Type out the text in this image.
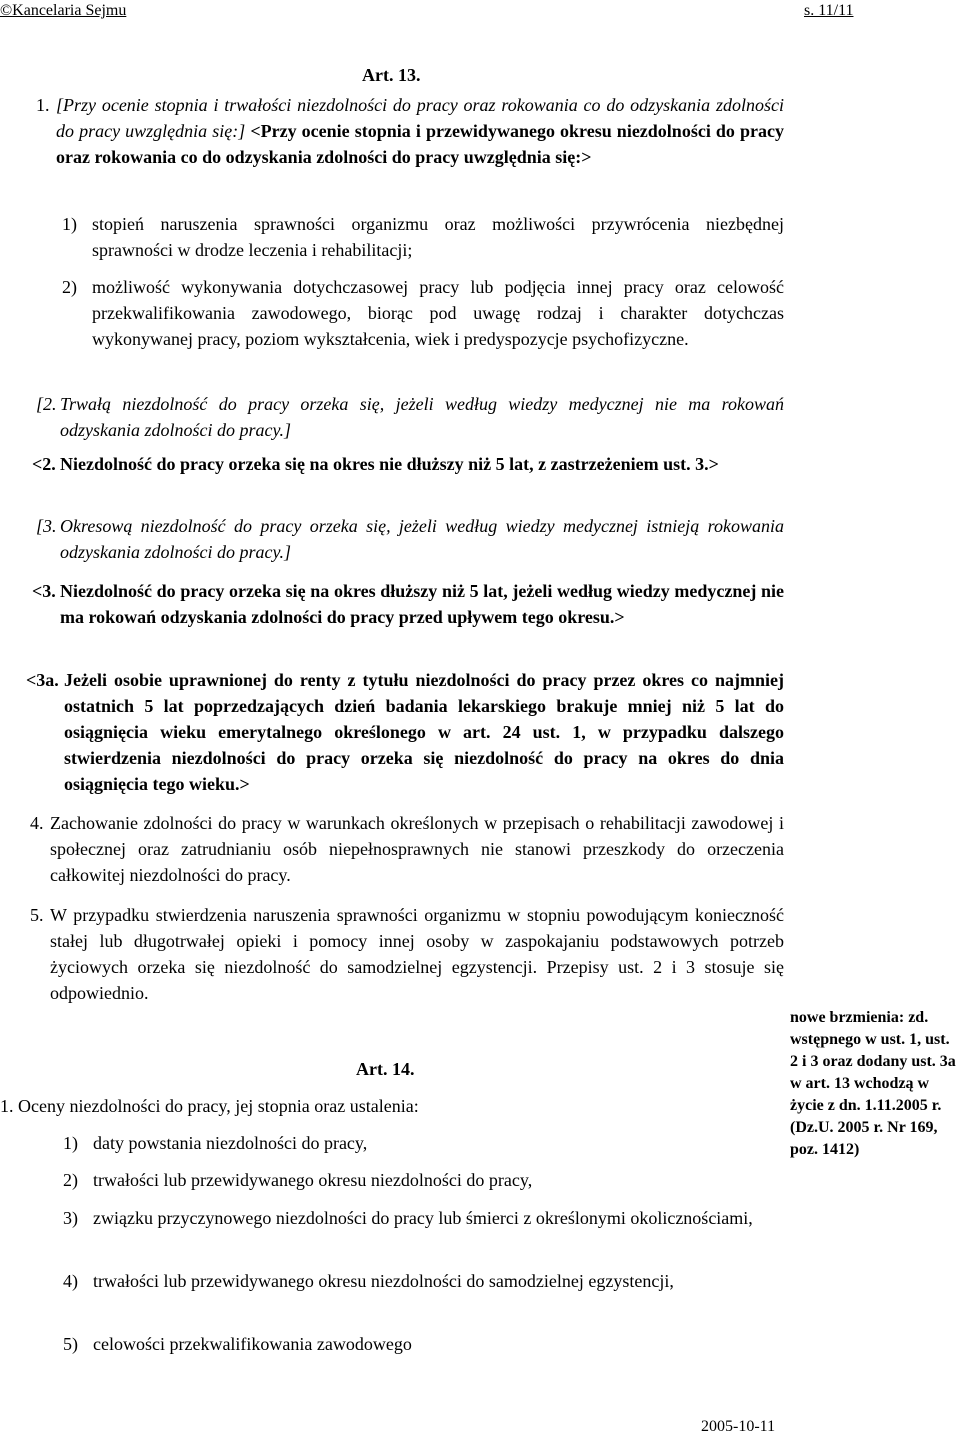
©Kancelaria Sejmu	s. 11/11
Art. 13.
1. [Przy ocenie stopnia i trwałości niezdolności do pracy oraz rokowania co do odzyskania zdolności do pracy uwzględnia się:] <Przy ocenie stopnia i przewidywanego okresu niezdolności do pracy oraz rokowania co do odzyskania zdolności do pracy uwzględnia się:>
1) stopień naruszenia sprawności organizmu oraz możliwości przywrócenia niezbędnej sprawności w drodze leczenia i rehabilitacji;
2) możliwość wykonywania dotychczasowej pracy lub podjęcia innej pracy oraz celowość przekwalifikowania zawodowego, biorąc pod uwagę rodzaj i charakter dotychczas wykonywanej pracy, poziom wykształcenia, wiek i predyspozycje psychofizyczne.
[2. Trwałą niezdolność do pracy orzeka się, jeżeli według wiedzy medycznej nie ma rokowań odzyskania zdolności do pracy.]
<2. Niezdolność do pracy orzeka się na okres nie dłuższy niż 5 lat, z zastrzeżeniem ust. 3.>
[3. Okresową niezdolność do pracy orzeka się, jeżeli według wiedzy medycznej istnieją rokowania odzyskania zdolności do pracy.]
<3. Niezdolność do pracy orzeka się na okres dłuższy niż 5 lat, jeżeli według wiedzy medycznej nie ma rokowań odzyskania zdolności do pracy przed upływem tego okresu.>
<3a. Jeżeli osobie uprawnionej do renty z tytułu niezdolności do pracy przez okres co najmniej ostatnich 5 lat poprzedzających dzień badania lekarskiego brakuje mniej niż 5 lat do osiągnięcia wieku emerytalnego określonego w art. 24 ust. 1, w przypadku dalszego stwierdzenia niezdolności do pracy orzeka się niezdolność do pracy na okres do dnia osiągnięcia tego wieku.>
4. Zachowanie zdolności do pracy w warunkach określonych w przepisach o rehabilitacji zawodowej i społecznej oraz zatrudnianiu osób niepełnosprawnych nie stanowi przeszkody do orzeczenia całkowitej niezdolności do pracy.
5. W przypadku stwierdzenia naruszenia sprawności organizmu w stopniu powodującym konieczność stałej lub długotrwałej opieki i pomocy innej osoby w zaspokajaniu podstawowych potrzeb życiowych orzeka się niezdolność do samodzielnej egzystencji. Przepisy ust. 2 i 3 stosuje się odpowiednio.
nowe brzmienia: zd. wstępnego w ust. 1, ust. 2 i 3 oraz dodany ust. 3a w art. 13 wchodzą w życie z dn. 1.11.2005 r. (Dz.U. 2005 r. Nr 169, poz. 1412)
Art. 14.
1. Oceny niezdolności do pracy, jej stopnia oraz ustalenia:
1) daty powstania niezdolności do pracy,
2) trwałości lub przewidywanego okresu niezdolności do pracy,
3) związku przyczynowego niezdolności do pracy lub śmierci z określonymi okolicznościami,
4) trwałości lub przewidywanego okresu niezdolności do samodzielnej egzystencji,
5) celowości przekwalifikowania zawodowego
2005-10-11
